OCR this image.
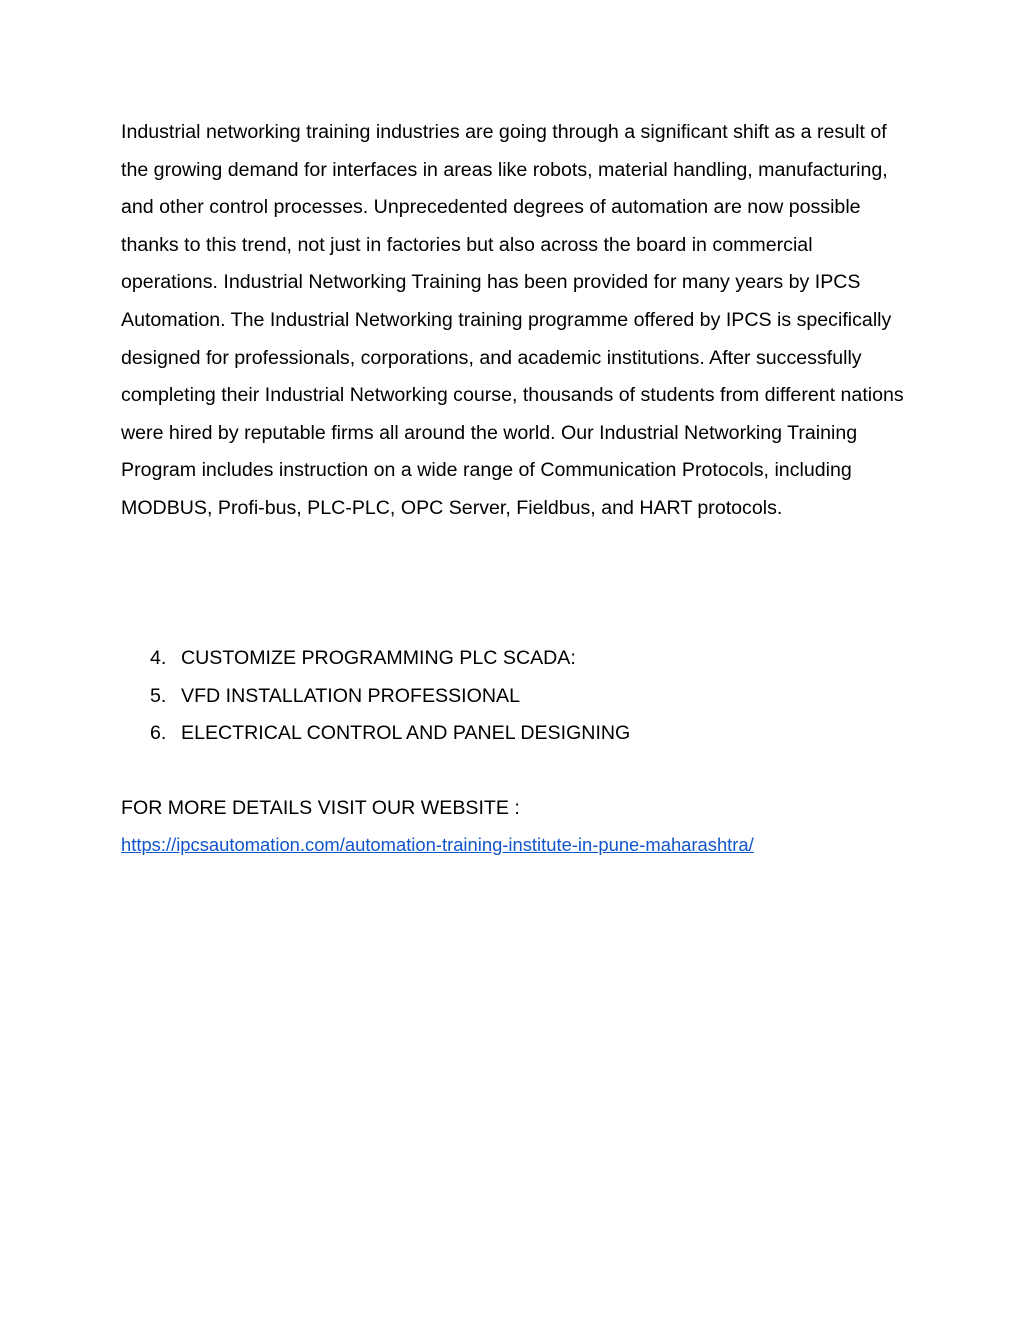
Industrial networking training industries are going through a significant shift as a result of the growing demand for interfaces in areas like robots, material handling, manufacturing, and other control processes. Unprecedented degrees of automation are now possible thanks to this trend, not just in factories but also across the board in commercial operations. Industrial Networking Training has been provided for many years by IPCS Automation. The Industrial Networking training programme offered by IPCS is specifically designed for professionals, corporations, and academic institutions. After successfully completing their Industrial Networking course, thousands of students from different nations were hired by reputable firms all around the world. Our Industrial Networking Training Program includes instruction on a wide range of Communication Protocols, including MODBUS, Profi-bus, PLC-PLC, OPC Server, Fieldbus, and HART protocols.

4. CUSTOMIZE PROGRAMMING PLC SCADA:
5. VFD INSTALLATION PROFESSIONAL
6. ELECTRICAL CONTROL AND PANEL DESIGNING

FOR MORE DETAILS VISIT OUR WEBSITE :

https://ipcsautomation.com/automation-training-institute-in-pune-maharashtra/
